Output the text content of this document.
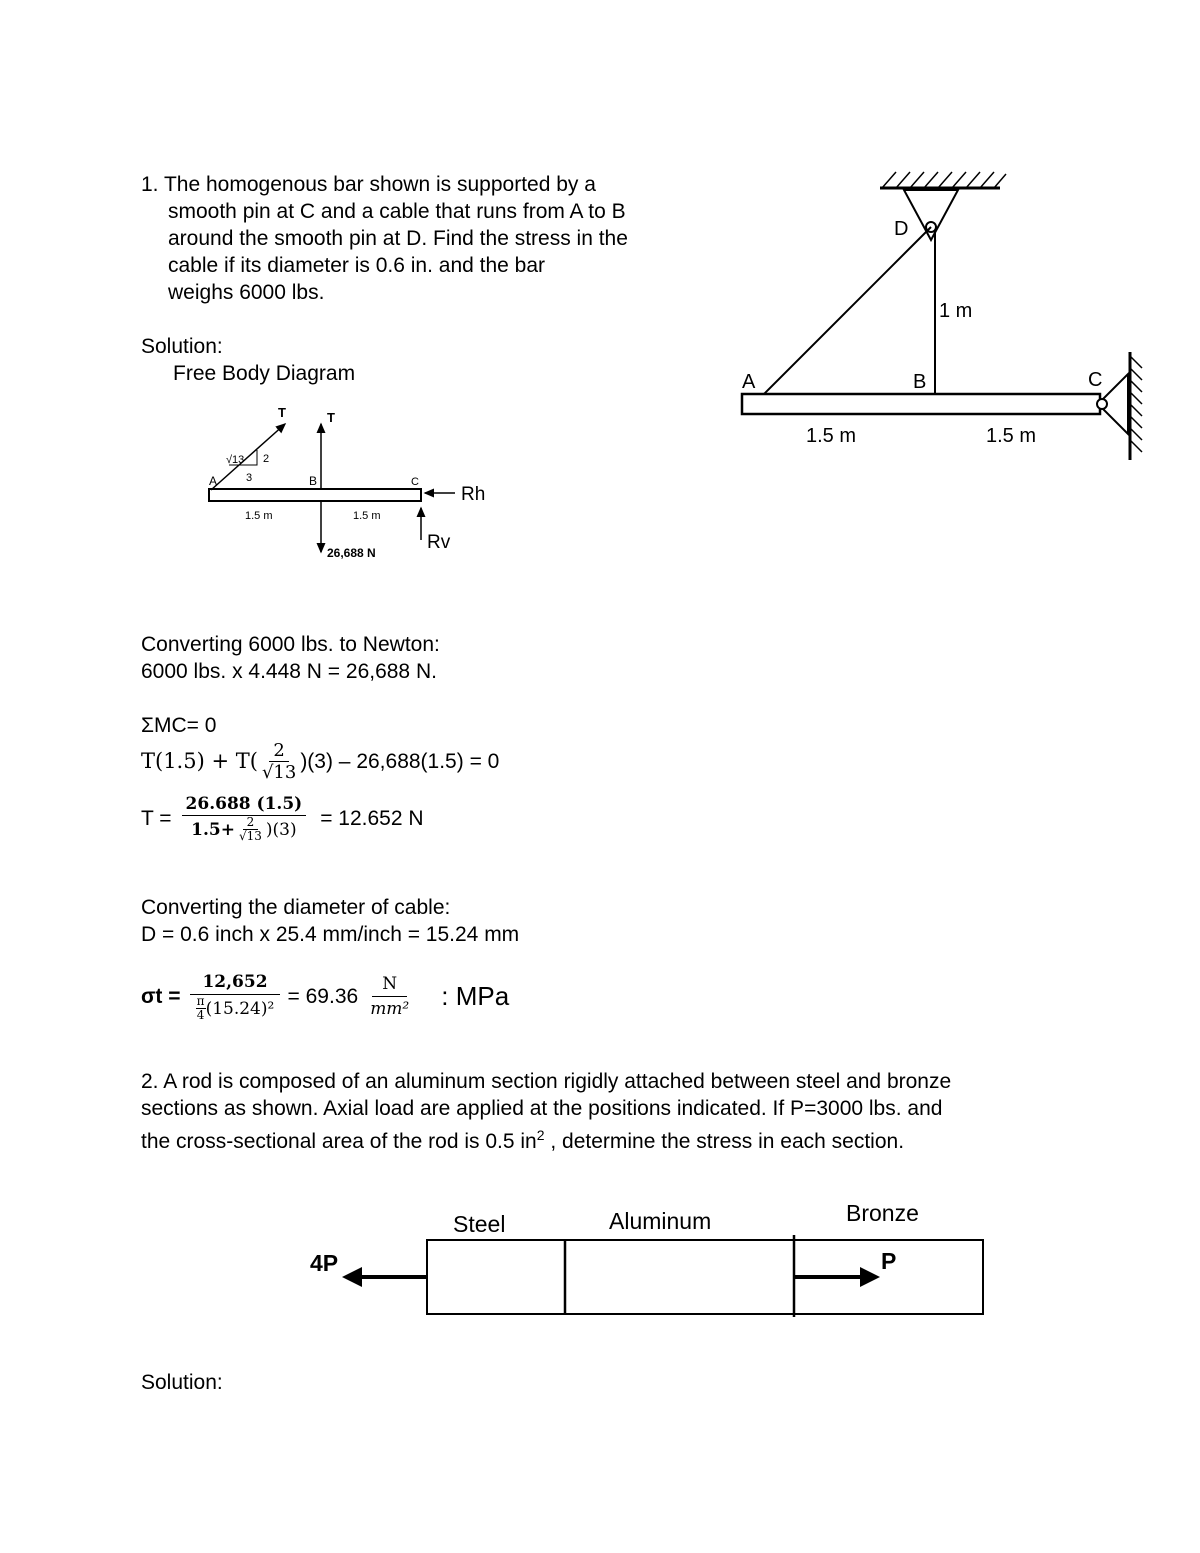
1. The homogenous bar shown is supported by a
smooth pin at C and a cable that runs from A to B
around the smooth pin at D. Find the stress in the
cable if its diameter is 0.6 in. and the bar
weighs 6000 lbs.
Solution:
Free Body Diagram
T	T
√13 2
3
A	B	C
1.5 m	1.5 m
26,688 N
Rh
Rv
D
1 m
A	B	C
1.5 m	1.5 m
Converting 6000 lbs. to Newton:
6000 lbs. x 4.448 N = 26,688 N.
ΣMC= 0
$T(1.5) + T( \frac{2}{√13} )(3) - 26,688(1.5) = 0$
$T = \frac{26.688 (1.5)}{1.5+ \frac{2}{√13} )(3)} = 12.652$ N
Converting the diameter of cable:
D = 0.6 inch x 25.4 mm/inch = 15.24 mm
$\sigma t = \frac{12,652}{\frac{\pi}{4} (15.24)^2} = 69.36 \frac{N}{\text{mm²}}$ : MPa
2. A rod is composed of an aluminum section rigidly attached between steel and bronze
sections as shown. Axial load are applied at the positions indicated. If P=3000 lbs. and
the cross-sectional area of the rod is 0.5 $in^2$ , determine the stress in each section.
Steel	Aluminum	Bronze
4P	P
Solution:
